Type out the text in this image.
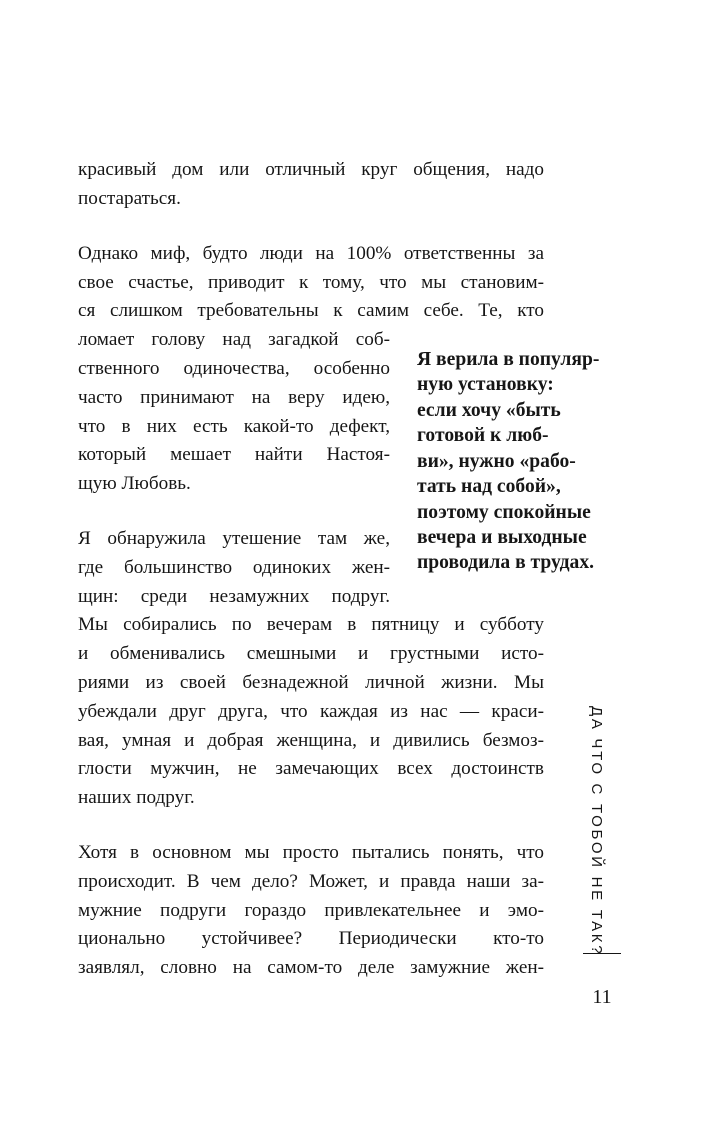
красивый дом или отличный круг общения, надо
постараться.
Однако миф, будто люди на 100% ответственны за
свое счастье, приводит к тому, что мы становим-
ся слишком требовательны к самим себе. Те, кто
ломает голову над загадкой соб-
ственного одиночества, особенно
часто принимают на веру идею,
что в них есть какой-то дефект,
который мешает найти Настоя-
щую Любовь.
Я обнаружила утешение там же,
где большинство одиноких жен-
щин: среди незамужних подруг.
Мы собирались по вечерам в пятницу и субботу
и обменивались смешными и грустными исто-
риями из своей безнадежной личной жизни. Мы
убеждали друг друга, что каждая из нас — краси-
вая, умная и добрая женщина, и дивились безмоз-
глости мужчин, не замечающих всех достоинств
наших подруг.
Хотя в основном мы просто пытались понять, что
происходит. В чем дело? Может, и правда наши за-
мужние подруги гораздо привлекательнее и эмо-
ционально устойчивее? Периодически кто-то
заявлял, словно на самом-то деле замужние жен-
Я верила в популяр-
ную установку:
если хочу «быть
готовой к люб-
ви», нужно «рабо-
тать над собой»,
поэтому спокойные
вечера и выходные
проводила в трудах.
ДА ЧТО С ТОБОЙ НЕ ТАК?
11
